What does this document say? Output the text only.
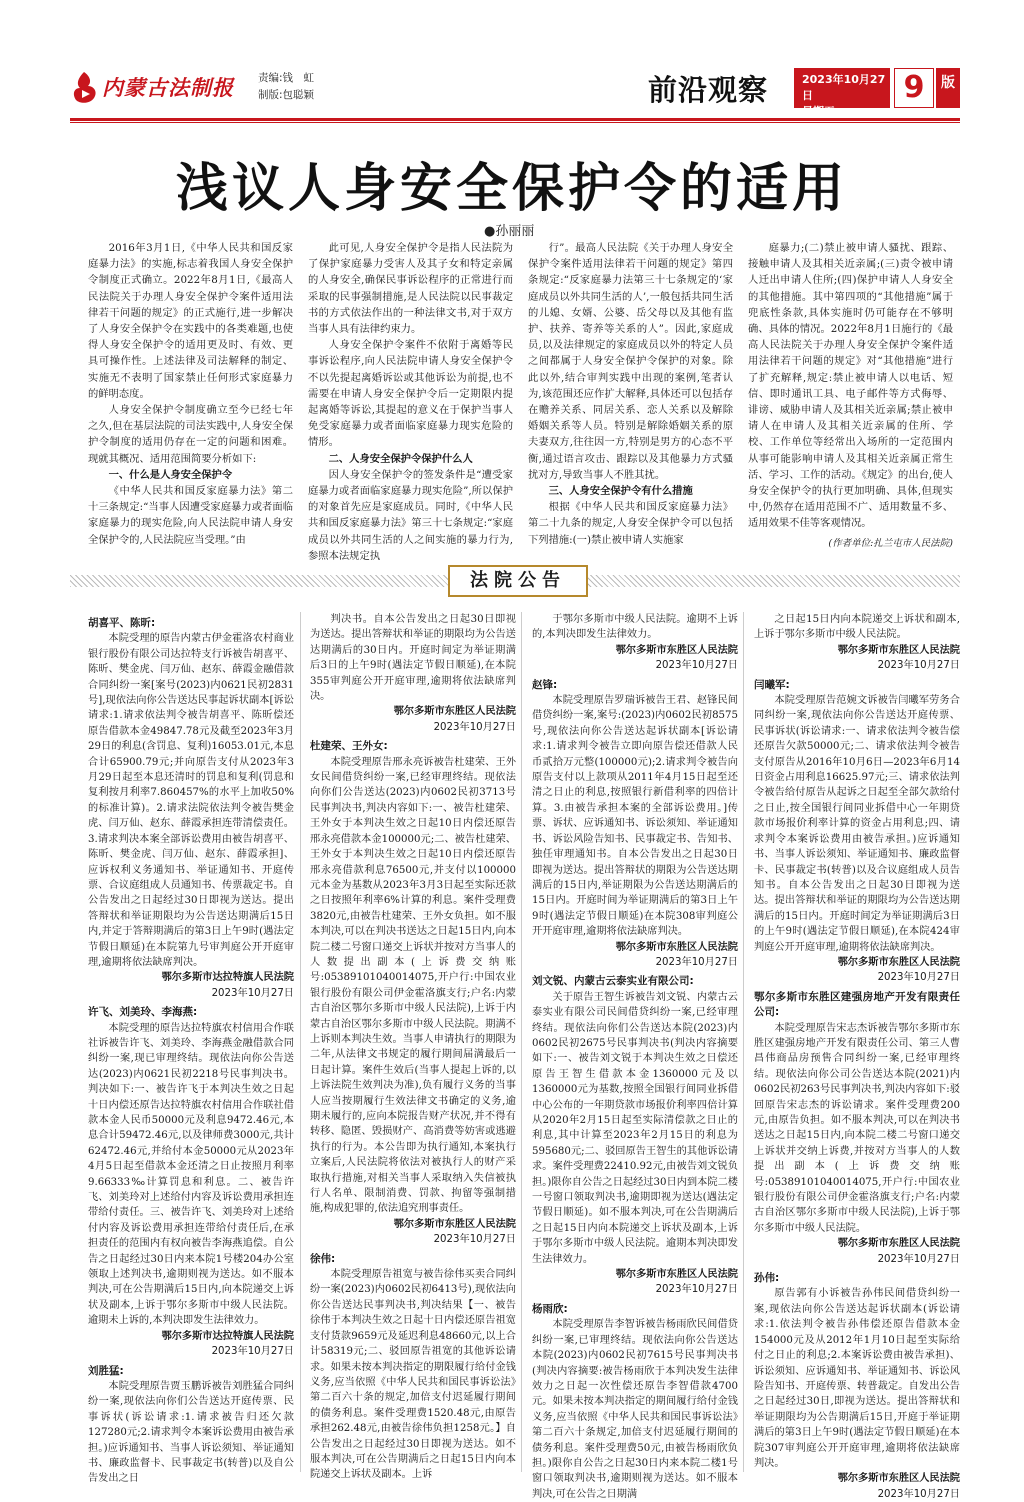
内蒙古法制报 责编:钱　虹
制版:包聪颖	前沿观察	2023年10月27日
星期五
9	版
浅议人身安全保护令的适用
●孙丽丽

2016年3月1日,《中华人民共和国反家庭暴力法》的实施,标志着我国人身安全保护令制度正式确立。2022年8月1日,《最高人民法院关于办理人身安全保护令案件适用法律若干问题的规定》的正式施行,进一步解决了人身安全保护令在实践中的各类难题,也使得人身安全保护令的适用更及时、有效、更具可操作性。上述法律及司法解释的制定、实施无不表明了国家禁止任何形式家庭暴力的鲜明态度。

人身安全保护令制度确立至今已经七年之久,但在基层法院的司法实践中,人身安全保护令制度的适用仍存在一定的问题和困难。现就其概况、适用范围简要分析如下:

一、什么是人身安全保护令

《中华人民共和国反家庭暴力法》第二十三条规定:“当事人因遭受家庭暴力或者面临家庭暴力的现实危险,向人民法院申请人身安全保护令的,人民法院应当受理。”由

此可见,人身安全保护令是指人民法院为了保护家庭暴力受害人及其子女和特定亲属的人身安全,确保民事诉讼程序的正常进行而采取的民事强制措施,是人民法院以民事裁定书的方式依法作出的一种法律文书,对于双方当事人具有法律约束力。

人身安全保护令案件不依附于离婚等民事诉讼程序,向人民法院申请人身安全保护令不以先提起离婚诉讼或其他诉讼为前提,也不需要在申请人身安全保护令后一定期限内提起离婚等诉讼,其提起的意义在于保护当事人免受家庭暴力或者面临家庭暴力现实危险的情形。

二、人身安全保护令保护什么人

因人身安全保护令的签发条件是“遭受家庭暴力或者面临家庭暴力现实危险”,所以保护的对象首先应是家庭成员。同时,《中华人民共和国反家庭暴力法》第三十七条规定:“家庭成员以外共同生活的人之间实施的暴力行为,参照本法规定执

行”。最高人民法院《关于办理人身安全保护令案件适用法律若干问题的规定》第四条规定:“反家庭暴力法第三十七条规定的‘家庭成员以外共同生活的人’,一般包括共同生活的儿媳、女婿、公婆、岳父母以及其他有监护、扶养、寄养等关系的人”。因此,家庭成员,以及法律规定的家庭成员以外的特定人员之间都属于人身安全保护令保护的对象。除此以外,结合审判实践中出现的案例,笔者认为,该范围还应作扩大解释,具体还可以包括存在赡养关系、同居关系、恋人关系以及解除婚姻关系等人员。特别是解除婚姻关系的原夫妻双方,往往因一方,特别是男方的心态不平衡,通过语言攻击、跟踪以及其他暴力方式骚扰对方,导致当事人不胜其扰。

三、人身安全保护令有什么措施

根据《中华人民共和国反家庭暴力法》第二十九条的规定,人身安全保护令可以包括下列措施:(一)禁止被申请人实施家

庭暴力;(二)禁止被申请人骚扰、跟踪、接触申请人及其相关近亲属;(三)责令被申请人迁出申请人住所;(四)保护申请人人身安全的其他措施。其中第四项的“其他措施”属于兜底性条款,具体实施时仍可能存在不够明确、具体的情况。2022年8月1日施行的《最高人民法院关于办理人身安全保护令案件适用法律若干问题的规定》对“其他措施”进行了扩充解释,规定:禁止被申请人以电话、短信、即时通讯工具、电子邮件等方式侮辱、诽谤、威胁申请人及其相关近亲属;禁止被申请人在申请人及其相关近亲属的住所、学校、工作单位等经常出入场所的一定范围内从事可能影响申请人及其相关近亲属正常生活、学习、工作的活动。《规定》的出台,使人身安全保护令的执行更加明确、具体,但现实中,仍然存在适用范围不广、适用数量不多、适用效果不佳等客观情况。

(作者单位:扎兰屯市人民法院)

法院公告
胡喜平、陈昕:
本院受理的原告内蒙古伊金霍洛农村商业银行股份有限公司达拉特支行诉被告胡喜平、陈昕、樊金虎、闫万仙、赵东、薛霞金融借款合同纠纷一案[案号(2023)内0621民初2831号],现依法向你公告送达民事起诉状副本[诉讼请求:1.请求依法判令被告胡喜平、陈昕偿还原告借款本金49847.78元及截至2023年3月29日的利息(含罚息、复利)16053.01元,本息合计65900.79元;并向原告支付从2023年3月29日起至本息还清时的罚息和复利(罚息和复利按月利率7.860457%的水平上加收50%的标准计算)。2.请求法院依法判令被告樊金虎、闫万仙、赵东、薛霞承担连带清偿责任。3.请求判决本案全部诉讼费用由被告胡喜平、陈昕、樊金虎、闫万仙、赵东、薛霞承担]、应诉权利义务通知书、举证通知书、开庭传票、合议庭组成人员通知书、传票裁定书。自公告发出之日起经过30日即视为送达。提出答辩状和举证期限均为公告送达期满后15日内,并定于答辩期满后的第3日上午9时(遇法定节假日顺延)在本院第九号审判庭公开开庭审理,逾期将依法缺席判决。
鄂尔多斯市达拉特旗人民法院
2023年10月27日
许飞、刘美玲、李海燕:
本院受理的原告达拉特旗农村信用合作联社诉被告许飞、刘美玲、李海燕金融借款合同纠纷一案,现已审理终结。现依法向你公告送达(2023)内0621民初2218号民事判决书。判决如下:一、被告许飞于本判决生效之日起十日内偿还原告达拉特旗农村信用合作联社借款本金人民币50000元及利息9472.46元,本息合计59472.46元,以及律师费3000元,共计62472.46元,并给付本金50000元从2023年4月5日起至借款本金还清之日止按照月利率9.66333‰计算罚息和利息。二、被告许飞、刘美玲对上述给付内容及诉讼费用承担连带给付责任。三、被告许飞、刘美玲对上述给付内容及诉讼费用承担连带给付责任后,在承担责任的范围内有权向被告李海燕追偿。自公告之日起经过30日内来本院1号楼204办公室领取上述判决书,逾期则视为送达。如不服本判决,可在公告期满后15日内,向本院递交上诉状及副本,上诉于鄂尔多斯市中级人民法院。逾期未上诉的,本判决即发生法律效力。
鄂尔多斯市达拉特旗人民法院
2023年10月27日
刘胜猛:
本院受理原告贾玉鹏诉被告刘胜猛合同纠纷一案,现依法向你们公告送达开庭传票、民事诉状(诉讼请求:1.请求被告归还欠款127280元;2.请求判令本案诉讼费用由被告承担。)应诉通知书、当事人诉讼须知、举证通知书、廉政监督卡、民事裁定书(转普)以及自公告发出之日
判决书。自本公告发出之日起30日即视为送达。提出答辩状和举证的期限均为公告送达期满后的30日内。开庭时间定为举证期满后3日的上午9时(遇法定节假日顺延),在本院355审判庭公开开庭审理,逾期将依法缺席判决。
鄂尔多斯市东胜区人民法院
2023年10月27日
杜建荣、王外女:
本院受理原告邢永亮诉被告杜建荣、王外女民间借贷纠纷一案,已经审理终结。现依法向你们公告送达(2023)内0602民初3713号民事判决书,判决内容如下:一、被告杜建荣、王外女于本判决生效之日起10日内偿还原告邢永亮借款本金100000元;二、被告杜建荣、王外女于本判决生效之日起10日内偿还原告邢永亮借款利息76500元,并支付以100000元本金为基数从2023年3月3日起至实际还款之日按照年利率6%计算的利息。案件受理费3820元,由被告杜建荣、王外女负担。如不服本判决,可以在判决书送达之日起15日内,向本院二楼二号窗口递交上诉状并按对方当事人的人数提出副本(上诉费交纳账号:05389101040014075,开户行:中国农业银行股份有限公司伊金霍洛旗支行;户名:内蒙古自治区鄂尔多斯市中级人民法院),上诉于内蒙古自治区鄂尔多斯市中级人民法院。期满不上诉则本判决生效。当事人申请执行的期限为二年,从法律文书规定的履行期间届满最后一日起计算。案件生效后(当事人提起上诉的,以上诉法院生效判决为准),负有履行义务的当事人应当按期履行生效法律文书确定的义务,逾期未履行的,应向本院报告财产状况,并不得有转移、隐匿、毁损财产、高消费等妨害或逃避执行的行为。本公告即为执行通知,本案执行立案后,人民法院将依法对被执行人的财产采取执行措施,对相关当事人采取纳入失信被执行人名单、限制消费、罚款、拘留等强制措施,构成犯罪的,依法追究刑事责任。
鄂尔多斯市东胜区人民法院
2023年10月27日
徐伟:
本院受理原告祖宽与被告徐伟买卖合同纠纷一案(2023)内0602民初6413号),现依法向你公告送达民事判决书,判决结果【一、被告徐伟于本判决生效之日起十日内偿还原告祖宽支付货款9659元及延迟利息48660元,以上合计58319元;二、驳回原告祖宽的其他诉讼请求。如果未按本判决指定的期限履行给付金钱义务,应当依照《中华人民共和国民事诉讼法》第二百六十条的规定,加倍支付迟延履行期间的债务利息。案件受理费1520.48元,由原告承担262.48元,由被告徐伟负担1258元。】自公告发出之日起经过30日即视为送达。如不服本判决,可在公告期满后之日起15日内向本院递交上诉状及副本。上诉
于鄂尔多斯市中级人民法院。逾期不上诉的,本判决即发生法律效力。
鄂尔多斯市东胜区人民法院
2023年10月27日
赵锋:
本院受理原告罗瑞诉被告王君、赵锋民间借贷纠纷一案,案号:(2023)内0602民初8575号,现依法向你公告送达起诉状副本[诉讼请求:1.请求判令被告立即向原告偿还借款人民币贰拾万元整(100000元);2.请求判令被告向原告支付以上款项从2011年4月15日起至还清之日止的利息,按照银行新借利率的四倍计算。3.由被告承担本案的全部诉讼费用。]传票、诉状、应诉通知书、诉讼须知、举证通知书、诉讼风险告知书、民事裁定书、告知书、独任审理通知书。自本公告发出之日起30日即视为送达。提出答辩状的期限为公告送达期满后的15日内,举证期限为公告送达期满后的15日内。开庭时间为举证期满后的第3日上午9时(遇法定节假日顺延)在本院308审判庭公开开庭审理,逾期将依法缺席判决。
鄂尔多斯市东胜区人民法院
2023年10月27日
刘文锐、内蒙古云泰实业有限公司:
关于原告王智生诉被告刘文锐、内蒙古云泰实业有限公司民间借贷纠纷一案,已经审理终结。现依法向你们公告送达本院(2023)内0602民初2675号民事判决书(判决内容摘要如下:一、被告刘文锐于本判决生效之日偿还原告王智生借款本金1360000元及以1360000元为基数,按照全国银行间同业拆借中心公布的一年期贷款市场报价利率四倍计算从2020年2月15日起至实际清偿款之日止的利息,其中计算至2023年2月15日的利息为595680元;二、驳回原告王智生的其他诉讼请求。案件受理费22410.92元,由被告刘文锐负担。)限你自公告之日起经过30日内到本院二楼一号窗口领取判决书,逾期即视为送达(遇法定节假日顺延)。如不服本判决,可在公告期满后之日起15日内向本院递交上诉状及副本,上诉于鄂尔多斯市中级人民法院。逾期本判决即发生法律效力。
鄂尔多斯市东胜区人民法院
2023年10月27日
杨雨欣:
本院受理原告李智诉被告杨雨欣民间借贷纠纷一案,已审理终结。现依法向你公告送达本院(2023)内0602民初7615号民事判决书(判决内容摘要:被告杨雨欣于本判决发生法律效力之日起一次性偿还原告李智借款4700元。如果未按本判决指定的期间履行给付金钱义务,应当依照《中华人民共和国民事诉讼法》第二百六十条规定,加倍支付迟延履行期间的债务利息。案件受理费50元,由被告杨雨欣负担。)限你自公告之日起30日内来本院二楼1号窗口领取判决书,逾期则视为送达。如不服本判决,可在公告之日期满
之日起15日内向本院递交上诉状和副本,上诉于鄂尔多斯市中级人民法院。
鄂尔多斯市东胜区人民法院
2023年10月27日
闫曦军:
本院受理原告范婉文诉被告闫曦军劳务合同纠纷一案,现依法向你公告送达开庭传票、民事诉状(诉讼请求:一、请求依法判令被告偿还原告欠款50000元;二、请求依法判令被告支付原告从2016年10月6日—2023年6月14日资金占用利息16625.97元;三、请求依法判令被告给付原告从起诉之日起至全部欠款给付之日止,按全国银行间同业拆借中心一年期贷款市场报价利率计算的资金占用利息;四、请求判令本案诉讼费用由被告承担。)应诉通知书、当事人诉讼须知、举证通知书、廉政监督卡、民事裁定书(转普)以及合议庭组成人员告知书。自本公告发出之日起30日即视为送达。提出答辩状和举证的期限均为公告送达期满后的15日内。开庭时间定为举证期满后3日的上午9时(遇法定节假日顺延),在本院424审判庭公开开庭审理,逾期将依法缺席判决。
鄂尔多斯市东胜区人民法院
2023年10月27日
鄂尔多斯市东胜区建强房地产开发有限责任公司:
本院受理原告宋志杰诉被告鄂尔多斯市东胜区建强房地产开发有限责任公司、第三人曹昌伟商品房预售合同纠纷一案,已经审理终结。现依法向你公司公告送达本院(2021)内0602民初263号民事判决书,判决内容如下:驳回原告宋志杰的诉讼请求。案件受理费200元,由原告负担。如不服本判决,可以在判决书送达之日起15日内,向本院二楼二号窗口递交上诉状并交纳上诉费,并按对方当事人的人数提出副本(上诉费交纳账号:05389101040014075,开户行:中国农业银行股份有限公司伊金霍洛旗支行;户名:内蒙古自治区鄂尔多斯市中级人民法院),上诉于鄂尔多斯市中级人民法院。
鄂尔多斯市东胜区人民法院
2023年10月27日
孙伟:
原告郭有小诉被告孙伟民间借贷纠纷一案,现依法向你公告送达起诉状副本(诉讼请求:1.依法判令被告孙伟偿还原告借款本金154000元及从2012年1月10日起至实际给付之日止的利息;2.本案诉讼费由被告承担)、诉讼须知、应诉通知书、举证通知书、诉讼风险告知书、开庭传票、转普裁定。自发出公告之日起经过30日,即视为送达。提出答辩状和举证期限均为公告期满后15日,开庭于举证期满后的第3日上午9时(遇法定节假日顺延)在本院307审判庭公开开庭审理,逾期将依法缺席判决。
鄂尔多斯市东胜区人民法院
2023年10月27日
